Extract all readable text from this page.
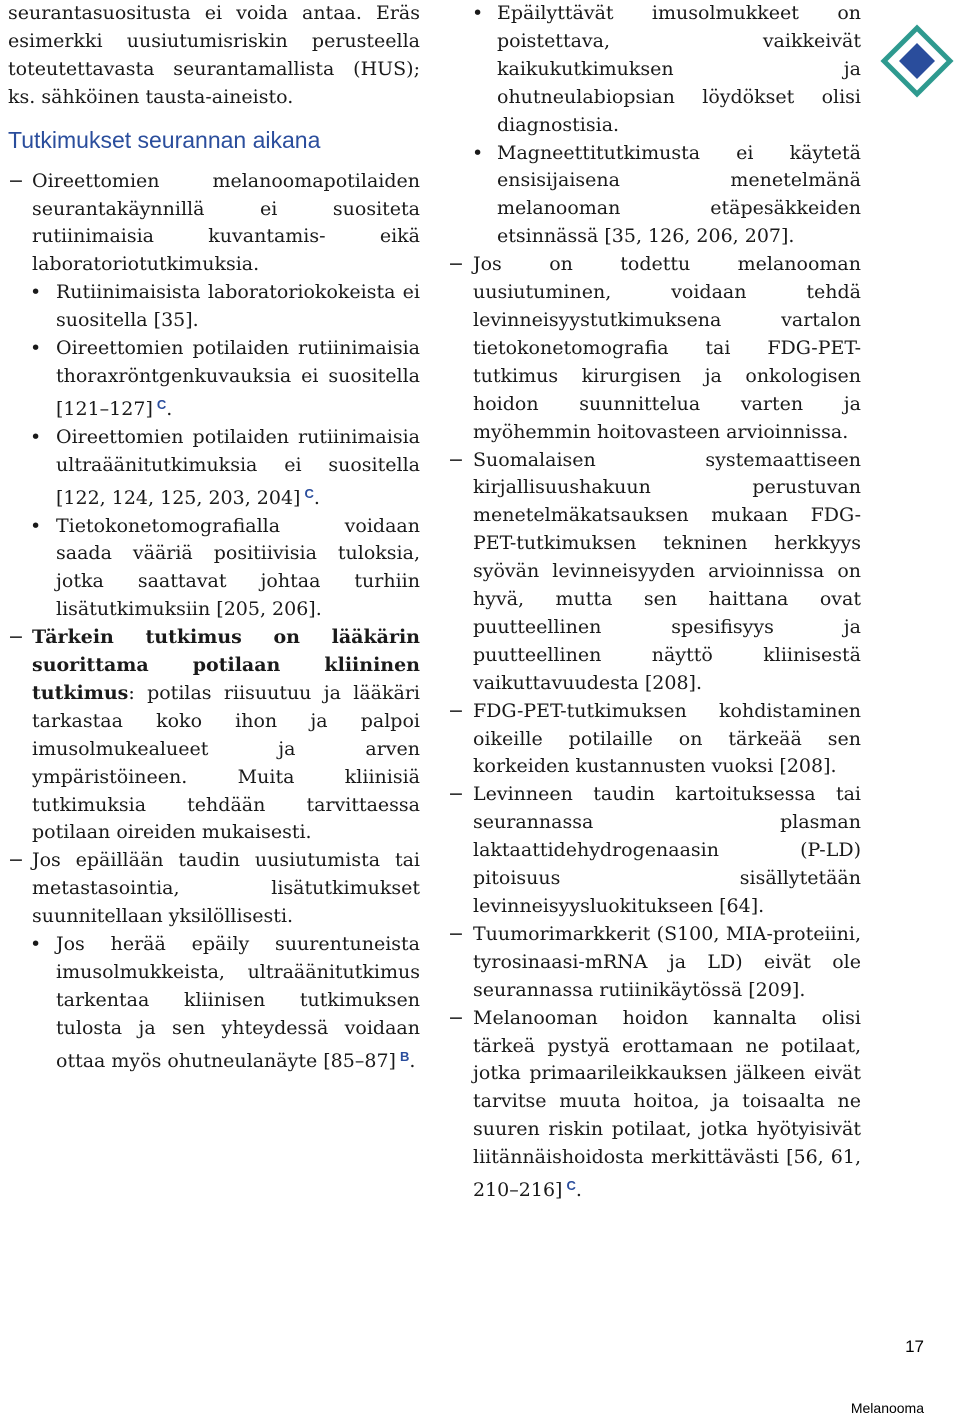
seurantasuositusta ei voida antaa. Eräs esimerkki uusiutumisriskin perusteella toteutettavasta seurantamallista (HUS); ks. sähköinen tausta-aineisto.

Tutkimukset seurannan aikana

− Oireettomien melanoomapotilaiden seurantakäynnillä ei suositeta rutiinimaisia kuvantamis- eikä laboratoriotutkimuksia.

• Rutiinimaisista laboratoriokokeista ei suositella [35].

• Oireettomien potilaiden rutiinimaisia thoraxröntgenkuvauksia ei suositella [121–127] $^C$.

• Oireettomien potilaiden rutiinimaisia ultraäänitutkimuksia ei suositella [122, 124, 125, 203, 204] $^C$.

• Tietokonetomografialla voidaan saada vääriä positiivisia tuloksia, jotka saattavat johtaa turhiin lisätutkimuksiin [205, 206].

− Tärkein tutkimus on lääkärin suorittama potilaan kliininen tutkimus: potilas riisuutuu ja lääkäri tarkastaa koko ihon ja palpoi imusolmukealueet ja arven ympäristöineen. Muita kliinisiä tutkimuksia tehdään tarvittaessa potilaan oireiden mukaisesti.

− Jos epäillään taudin uusiutumista tai metastasointia, lisätutkimukset suunnitellaan yksilöllisesti.

• Jos herää epäily suurentuneista imusolmukkeista, ultraäänitutkimus tarkentaa kliinisen tutkimuksen tulosta ja sen yhteydessä voidaan ottaa myös ohutneulanäyte [85–87] $^B$.

• Epäilyttävät imusolmukkeet on poistettava, vaikkeivät kaikukutkimuksen ja ohutneulabiopsian löydökset olisi diagnostisia.

• Magneettitutkimusta ei käytetä ensisijaisena menetelmänä melanooman etäpesäkkeiden etsinnässä [35, 126, 206, 207].

− Jos on todettu melanooman uusiutuminen, voidaan tehdä levinneisyystutkimuksena vartalon tietokonetomografia tai FDG-PET-tutkimus kirurgisen ja onkologisen hoidon suunnittelua varten ja myöhemmin hoitovasteen arvioinnissa.

− Suomalaisen systemaattiseen kirjallisuushakuun perustuvan menetelmäkatsauksen mukaan FDG-PET-tutkimuksen tekninen herkkyys syövän levinneisyyden arvioinnissa on hyvä, mutta sen haittana ovat puutteellinen spesifisyys ja puutteellinen näyttö kliinisestä vaikuttavuudesta [208].

− FDG-PET-tutkimuksen kohdistaminen oikeille potilaille on tärkeää sen korkeiden kustannusten vuoksi [208].

− Levinneen taudin kartoituksessa tai seurannassa plasman laktaattidehydrogenaasin (P-LD) pitoisuus sisällytetään levinneisyysluokitukseen [64].

− Tuumorimarkkerit (S100, MIA-proteiini, tyrosinaasi-mRNA ja LD) eivät ole seurannassa rutiinikäytössä [209].

− Melanooman hoidon kannalta olisi tärkeä pystyä erottamaan ne potilaat, jotka primaarileikkauksen jälkeen eivät tarvitse muuta hoitoa, ja toisaalta ne suuren riskin potilaat, jotka hyötyisivät liitännäishoidosta merkittävästi [56, 61, 210–216] $^C$.

17
Melanooma
